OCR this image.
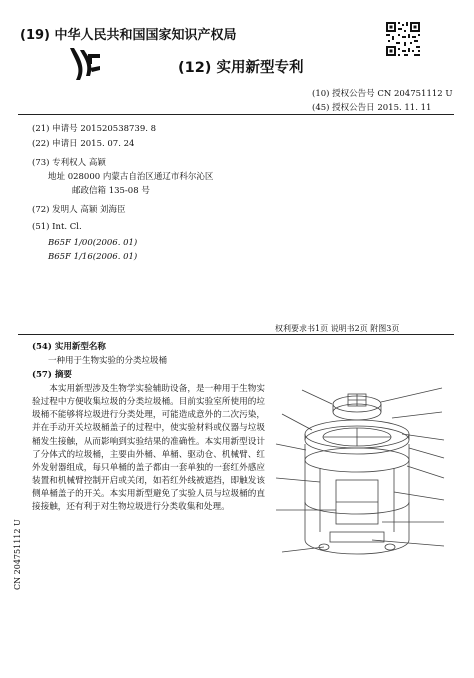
(19) 中华人民共和国国家知识产权局
(12) 实用新型专利
(10) 授权公告号 CN 204751112 U
(45) 授权公告日 2015. 11. 11
(21) 申请号 201520538739. 8
(22) 申请日 2015. 07. 24
(73) 专利权人 高颖
地址 028000 内蒙古自治区通辽市科尔沁区
邮政信箱 135-08 号
(72) 发明人 高颖 刘海臣
(51) Int. Cl.
B65F 1/00(2006. 01)
B65F 1/16(2006. 01)
权利要求书1页 说明书2页 附图3页
(54) 实用新型名称
一种用于生物实验的分类垃圾桶
(57) 摘要
本实用新型涉及生物学实验辅助设备，是一种用于生物实验过程中方便收集垃圾的分类垃圾桶。目前实验室所使用的垃圾桶不能够将垃圾进行分类处理，可能造成意外的二次污染，并在手动开关垃圾桶盖子的过程中，使实验材料或仪器与垃圾桶发生接触，从而影响到实验结果的准确性。本实用新型设计了分体式的垃圾桶，主要由外桶、单桶、驱动仓、机械臂、红外发射器组成，每只单桶的盖子都由一套单独的一套红外感应装置和机械臂控制开启或关闭，如若红外线被遮挡，即触发该侧单桶盖子的开关。本实用新型避免了实验人员与垃圾桶的直接接触，还有利于对生物垃圾进行分类收集和处理。
CN 204751112 U
